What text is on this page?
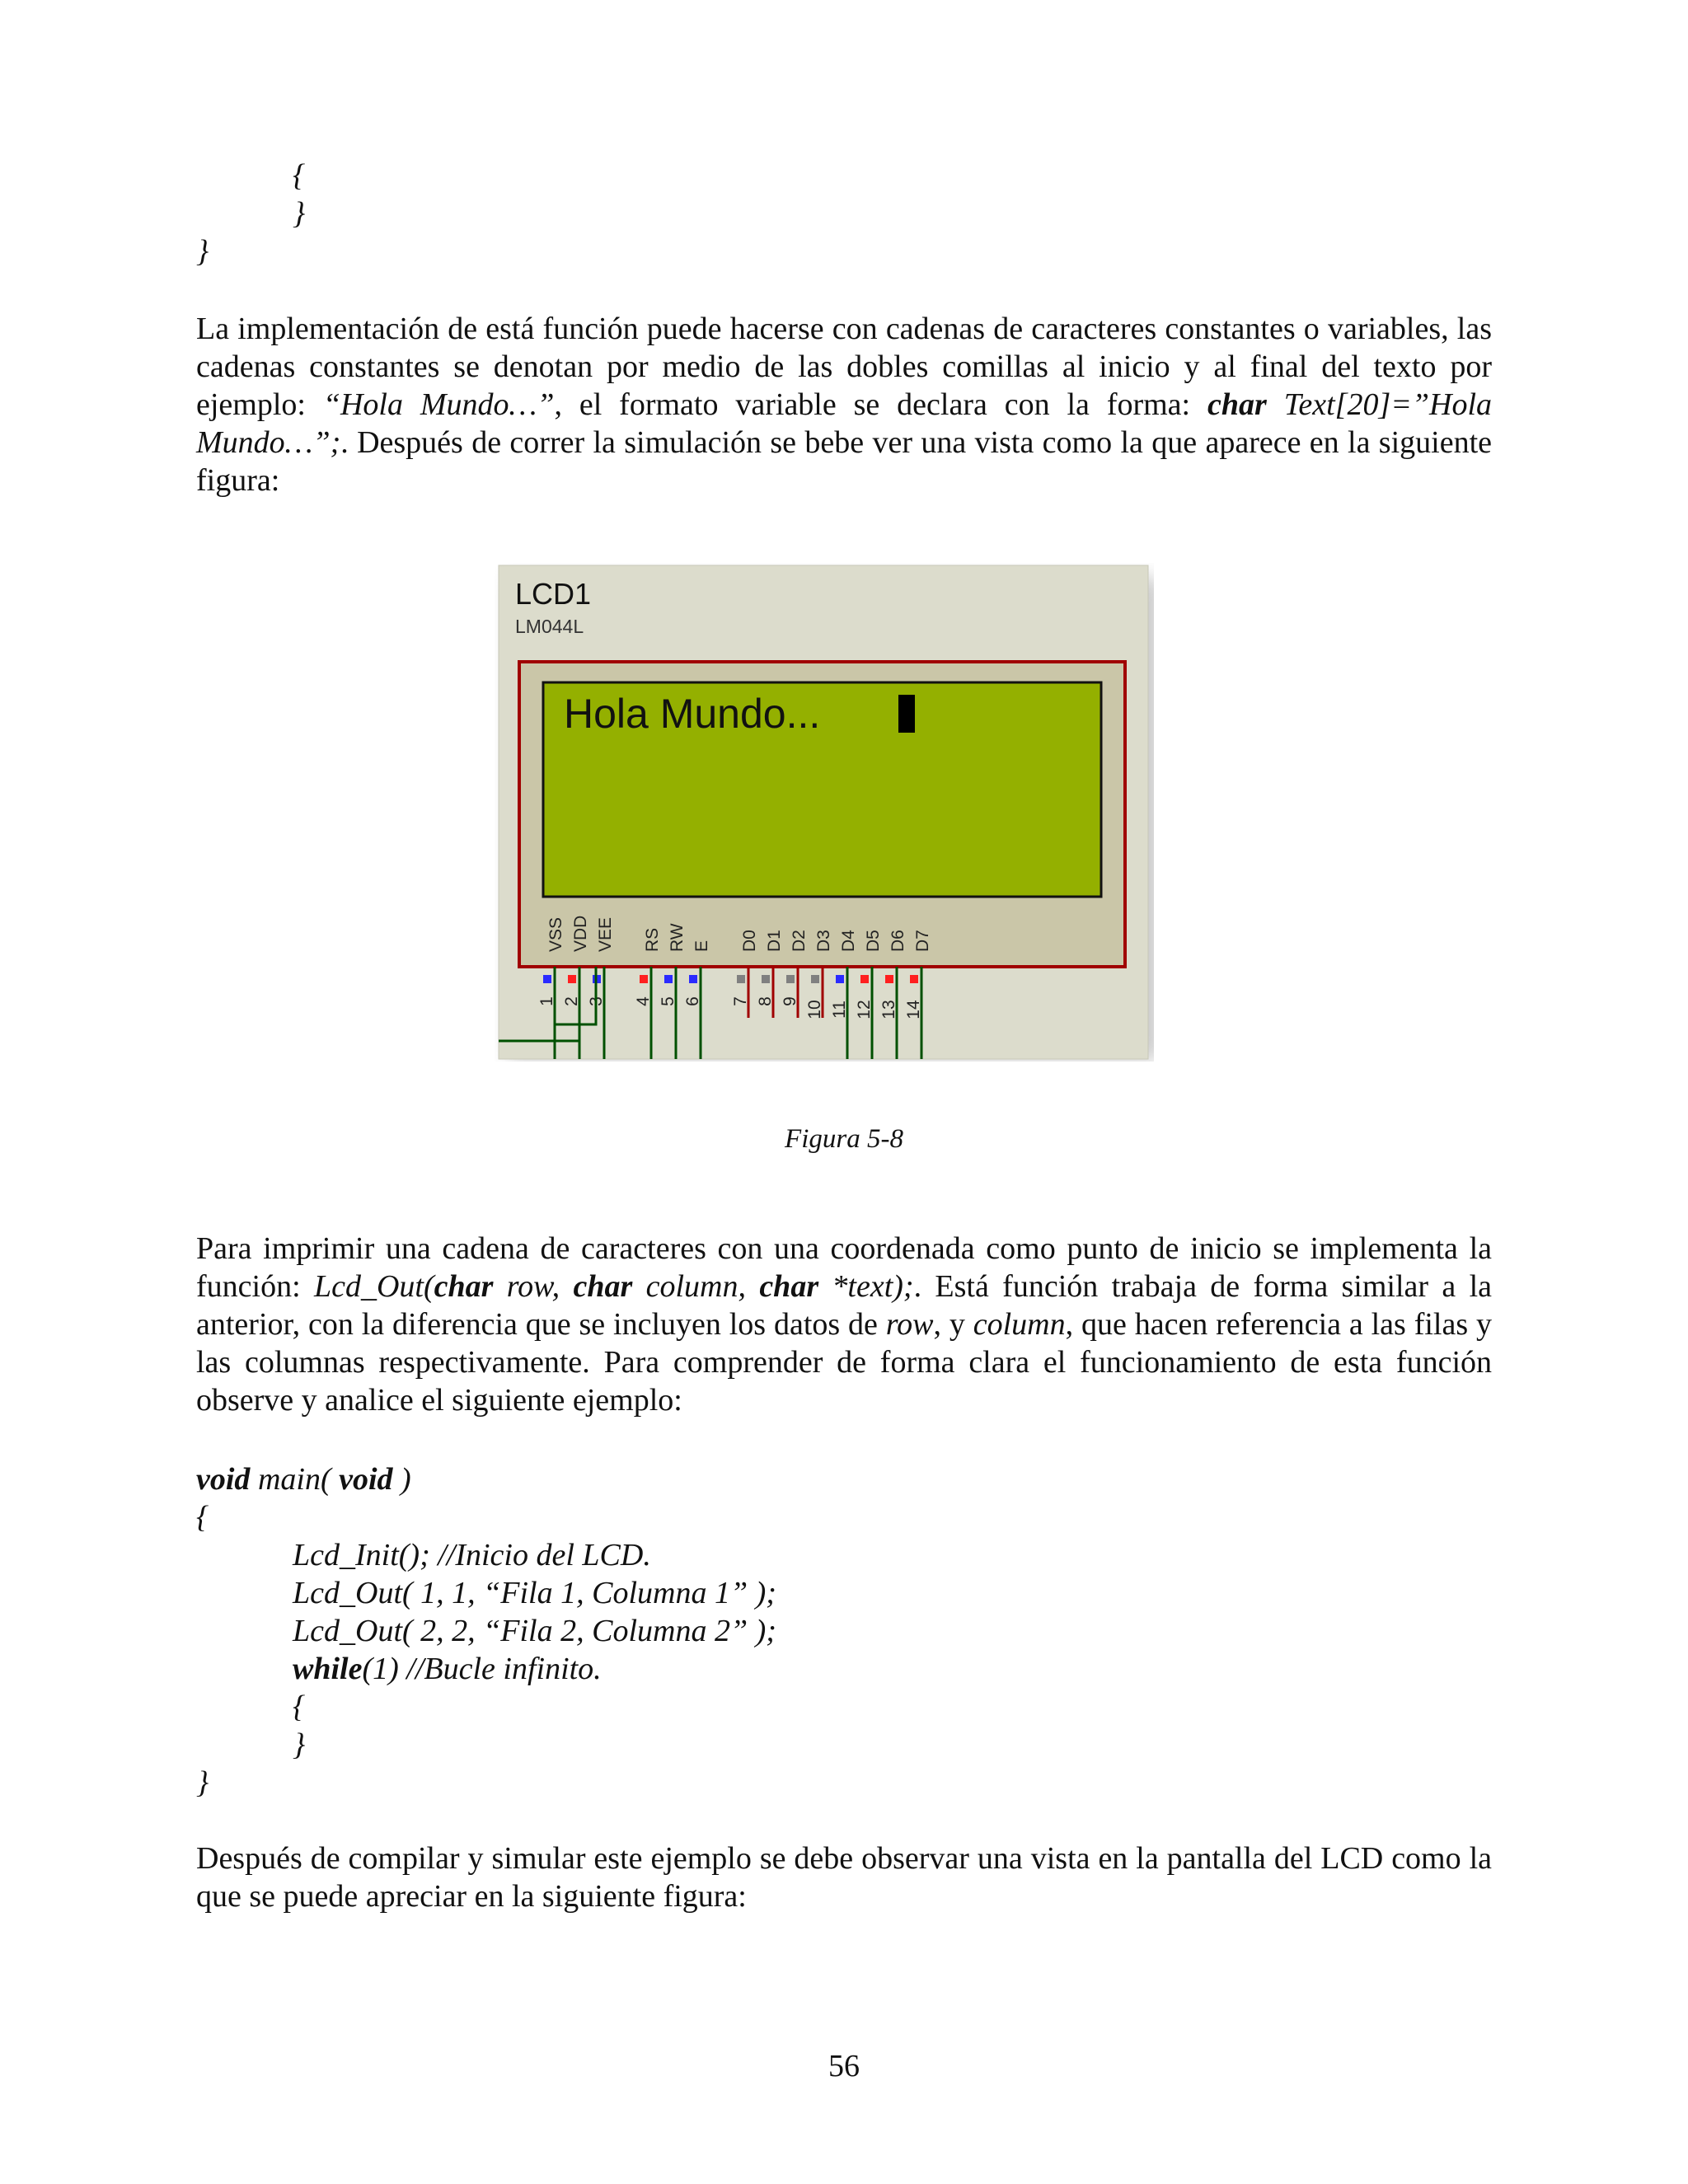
{
}
}
La implementación de está función puede hacerse con cadenas de caracteres constantes o variables, las cadenas constantes se denotan por medio de las dobles comillas al inicio y al final del texto por ejemplo: “Hola Mundo…”, el formato variable se declara con la forma: char Text[20]=”Hola Mundo…”;. Después de correr la simulación se bebe ver una vista como la que aparece en la siguiente figura:
LCD1
LM044L
Hola Mundo...
VSS
1
VDD
2
VEE
3
RS
4
RW
5
E
6
D0
7
D1
8
D2
9
D3
10
D4
11
D5
12
D6
13
D7
14
Figura 5-8
Para imprimir una cadena de caracteres con una coordenada como punto de inicio se implementa la función: Lcd_Out(char row, char column, char *text);. Está función trabaja de forma similar a la anterior, con la diferencia que se incluyen los datos de row, y column, que hacen referencia a las filas y las columnas respectivamente. Para comprender de forma clara el funcionamiento de esta función observe y analice el siguiente ejemplo:
void main( void )
{
Lcd_Init(); //Inicio del LCD.
Lcd_Out( 1, 1, “Fila 1, Columna 1” );
Lcd_Out( 2, 2, “Fila 2, Columna 2” );
while(1) //Bucle infinito.
{
}
}
Después de compilar y simular este ejemplo se debe observar una vista en la pantalla del LCD como la que se puede apreciar en la siguiente figura:
56
